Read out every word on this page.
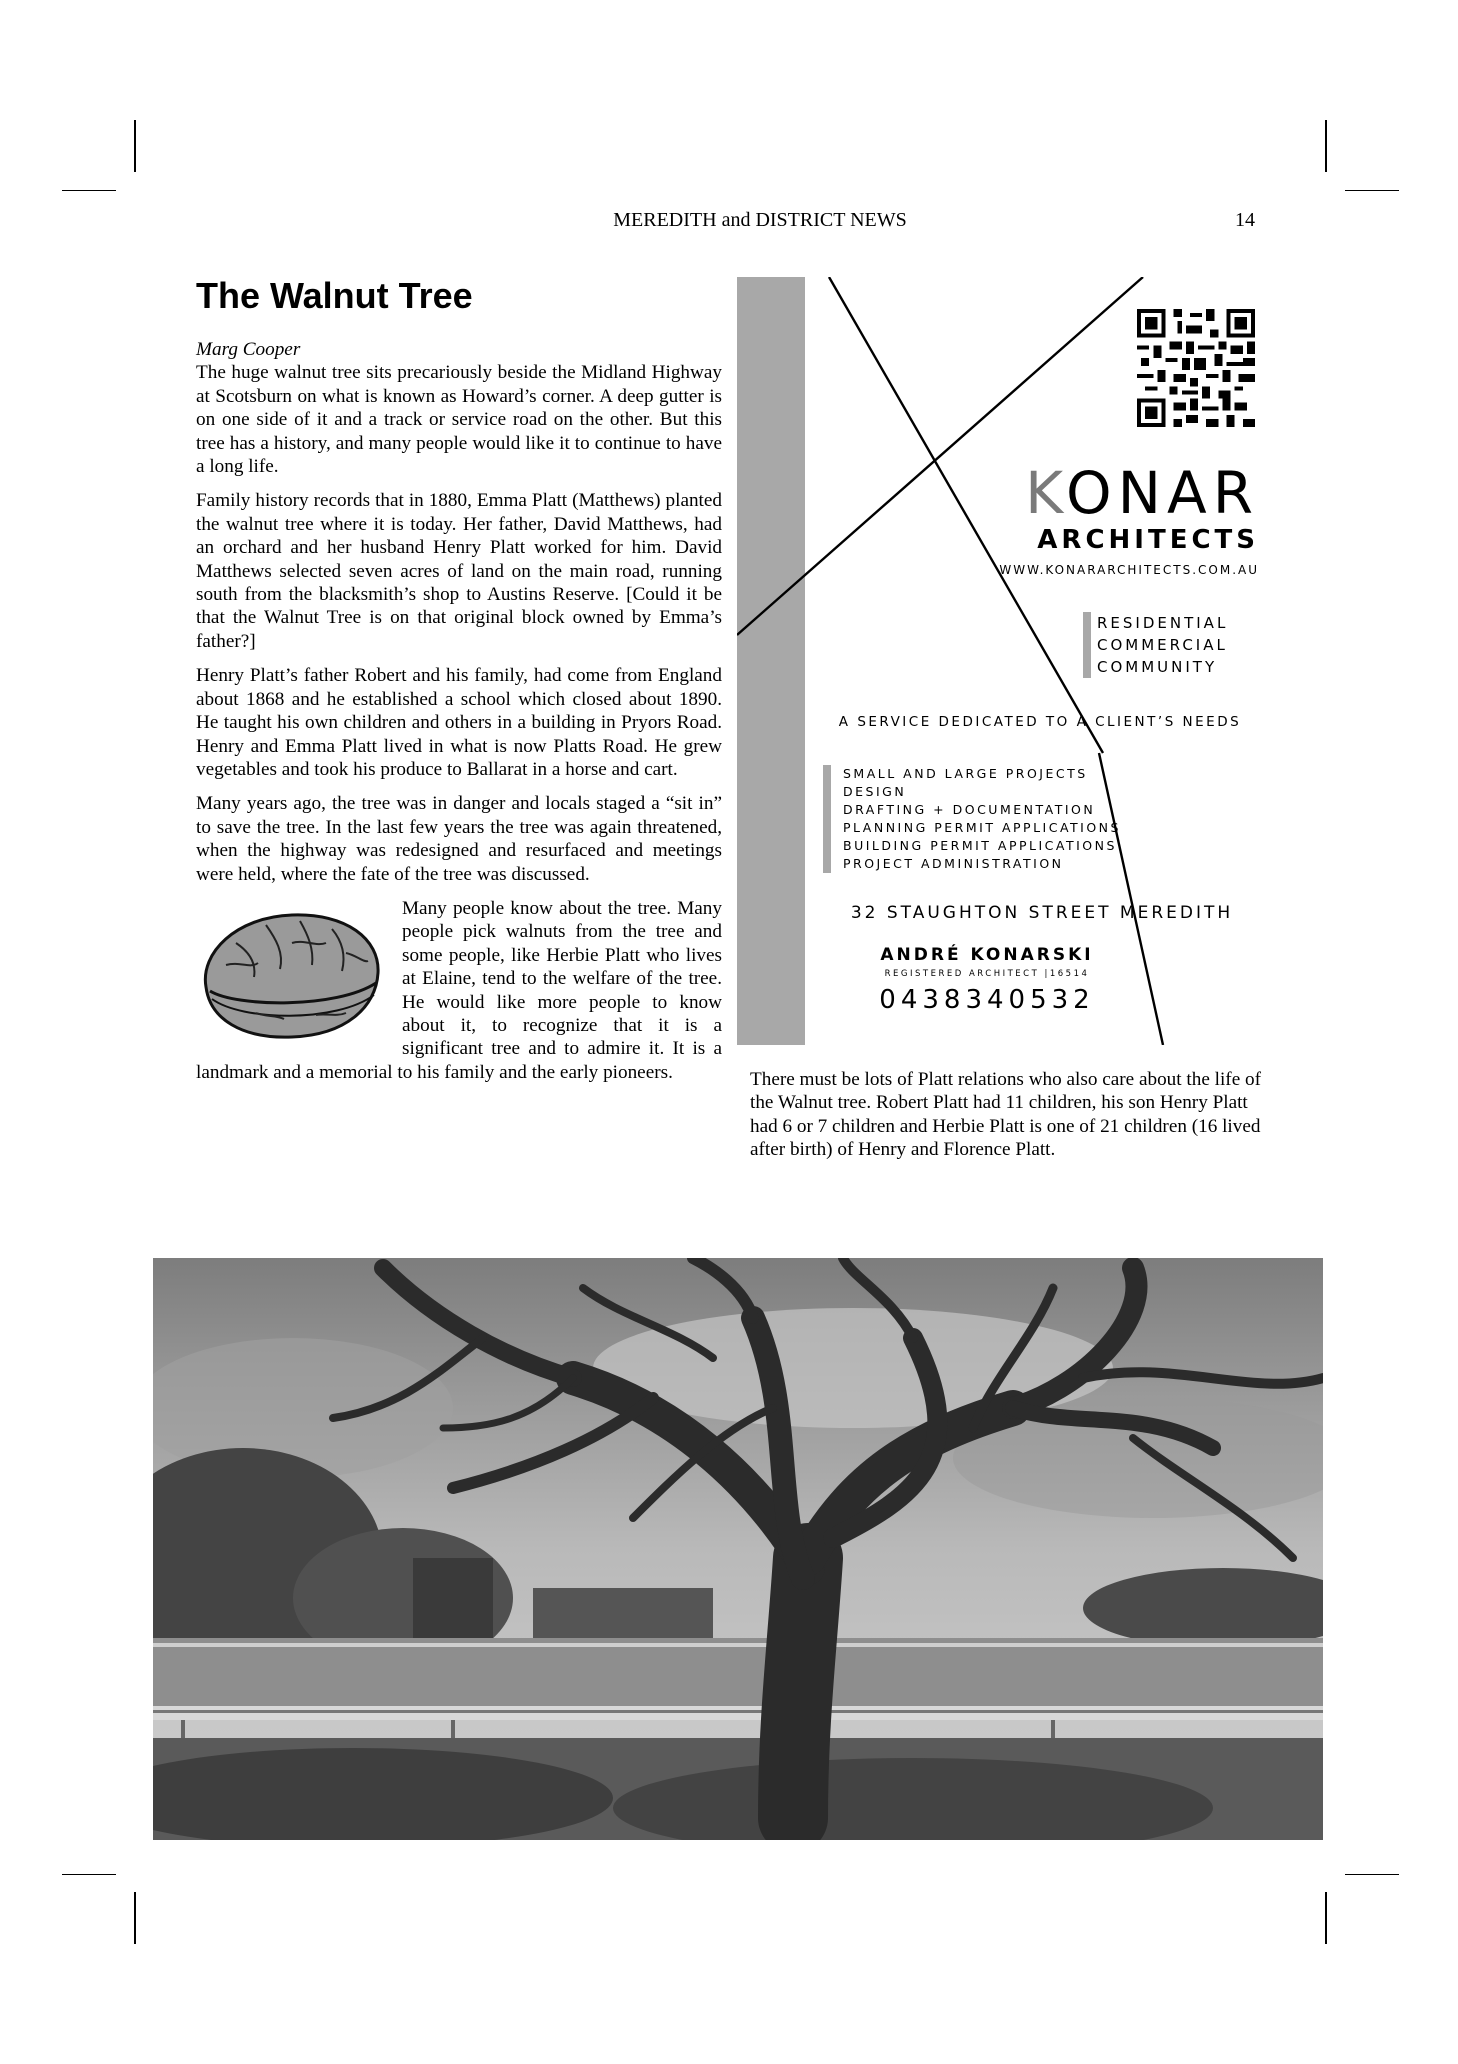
MEREDITH and DISTRICT NEWS	14
The Walnut Tree
Marg Cooper

The huge walnut tree sits precariously beside the Midland Highway at Scotsburn on what is known as Howard’s corner. A deep gutter is on one side of it and a track or service road on the other. But this tree has a history, and many people would like it to continue to have a long life.

Family history records that in 1880, Emma Platt (Matthews) planted the walnut tree where it is today. Her father, David Matthews, had an orchard and her husband Henry Platt worked for him. David Matthews selected seven acres of land on the main road, running south from the blacksmith’s shop to Austins Reserve. [Could it be that the Walnut Tree is on that original block owned by Emma’s father?]

Henry Platt’s father Robert and his family, had come from England about 1868 and he established a school which closed about 1890. He taught his own children and others in a building in Pryors Road. Henry and Emma Platt lived in what is now Platts Road. He grew vegetables and took his produce to Ballarat in a horse and cart.

Many years ago, the tree was in danger and locals staged a “sit in” to save the tree. In the last few years the tree was again threatened, when the highway was redesigned and resurfaced and meetings were held, where the fate of the tree was discussed.

Many people know about the tree. Many people pick walnuts from the tree and some people, like Herbie Platt who lives at Elaine, tend to the welfare of the tree. He would like more people to know about it, to recognize that it is a significant tree and to admire it. It is a landmark and a memorial to his family and the early pioneers.

KONAR
ARCHITECTS
WWW.KONARARCHITECTS.COM.AU
RESIDENTIAL
COMMERCIAL
COMMUNITY
A SERVICE DEDICATED TO A CLIENT’S NEEDS
SMALL AND LARGE PROJECTS
DESIGN
DRAFTING + DOCUMENTATION
PLANNING PERMIT APPLICATIONS
BUILDING PERMIT APPLICATIONS
PROJECT ADMINISTRATION
32 STAUGHTON STREET MEREDITH
ANDRÉ KONARSKI
REGISTERED ARCHITECT |16514
0438340532

There must be lots of Platt relations who also care about the life of the Walnut tree. Robert Platt had 11 children, his son Henry Platt had 6 or 7 children and Herbie Platt is one of 21 children (16 lived after birth) of Henry and Florence Platt.
